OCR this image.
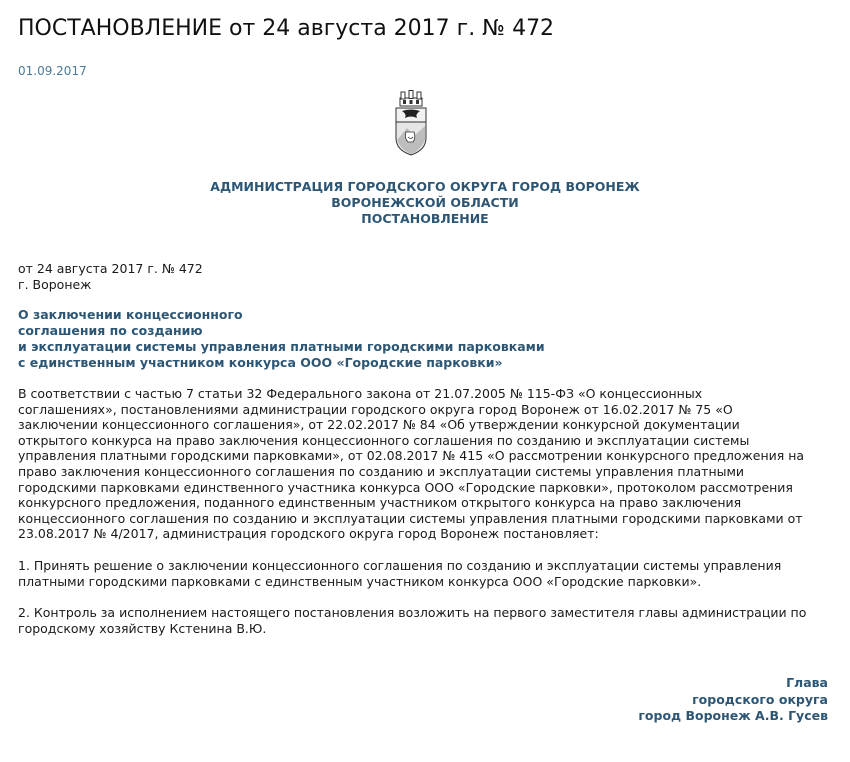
ПОСТАНОВЛЕНИЕ от 24 августа 2017 г. № 472
01.09.2017
АДМИНИСТРАЦИЯ ГОРОДСКОГО ОКРУГА ГОРОД ВОРОНЕЖ
ВОРОНЕЖСКОЙ ОБЛАСТИ
ПОСТАНОВЛЕНИЕ
от 24 августа 2017 г. № 472
г. Воронеж
О заключении концессионного
соглашения по созданию
и эксплуатации системы управления платными городскими парковками
с единственным участником конкурса ООО «Городские парковки»

В соответствии с частью 7 статьи 32 Федерального закона от 21.07.2005 № 115-ФЗ «О концессионных
соглашениях», постановлениями администрации городского округа город Воронеж от 16.02.2017 № 75 «О
заключении концессионного соглашения», от 22.02.2017 № 84 «Об утверждении конкурсной документации
открытого конкурса на право заключения концессионного соглашения по созданию и эксплуатации системы
управления платными городскими парковками», от 02.08.2017 № 415 «О рассмотрении конкурсного предложения на
право заключения концессионного соглашения по созданию и эксплуатации системы управления платными
городскими парковками единственного участника конкурса ООО «Городские парковки», протоколом рассмотрения
конкурсного предложения, поданного единственным участником открытого конкурса на право заключения
концессионного соглашения по созданию и эксплуатации системы управления платными городскими парковками от
23.08.2017 № 4/2017, администрация городского округа город Воронеж постановляет:

1. Принять решение о заключении концессионного соглашения по созданию и эксплуатации системы управления
платными городскими парковками с единственным участником конкурса ООО «Городские парковки».

2. Контроль за исполнением настоящего постановления возложить на первого заместителя главы администрации по
городскому хозяйству Кстенина В.Ю.

Глава
городского округа
город Воронеж А.В. Гусев
